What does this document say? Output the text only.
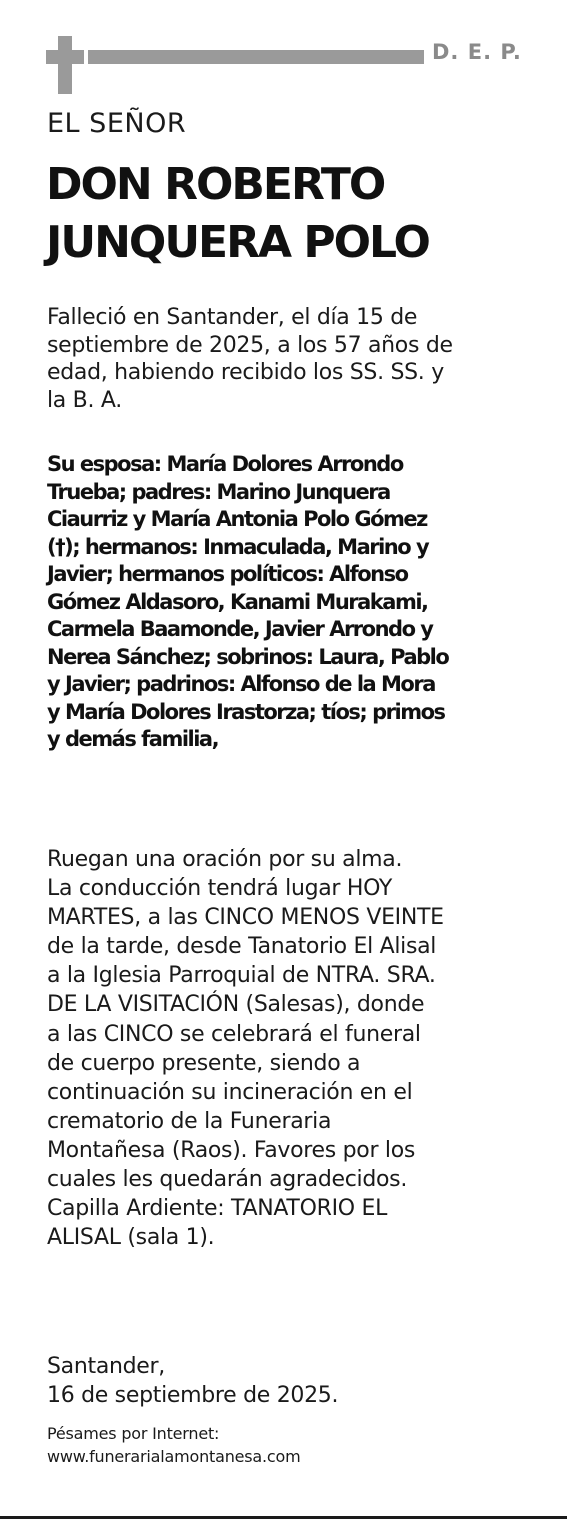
D. E. P.
EL SEÑOR
DON ROBERTO
JUNQUERA POLO
Falleció en Santander, el día 15 de
septiembre de 2025, a los 57 años de
edad, habiendo recibido los SS. SS. y
la B. A.
Su esposa: María Dolores Arrondo
Trueba; padres: Marino Junquera
Ciaurriz y María Antonia Polo Gómez
(†); hermanos: Inmaculada, Marino y
Javier; hermanos políticos: Alfonso
Gómez Aldasoro, Kanami Murakami,
Carmela Baamonde, Javier Arrondo y
Nerea Sánchez; sobrinos: Laura, Pablo
y Javier; padrinos: Alfonso de la Mora
y María Dolores Irastorza; tíos; primos
y demás familia,
Ruegan una oración por su alma.
La conducción tendrá lugar HOY
MARTES, a las CINCO MENOS VEINTE
de la tarde, desde Tanatorio El Alisal
a la Iglesia Parroquial de NTRA. SRA.
DE LA VISITACIÓN (Salesas), donde
a las CINCO se celebrará el funeral
de cuerpo presente, siendo a
continuación su incineración en el
crematorio de la Funeraria
Montañesa (Raos). Favores por los
cuales les quedarán agradecidos.
Capilla Ardiente: TANATORIO EL
ALISAL (sala 1).
Santander,
16 de septiembre de 2025.
Pésames por Internet:
www.funerarialamontanesa.com
